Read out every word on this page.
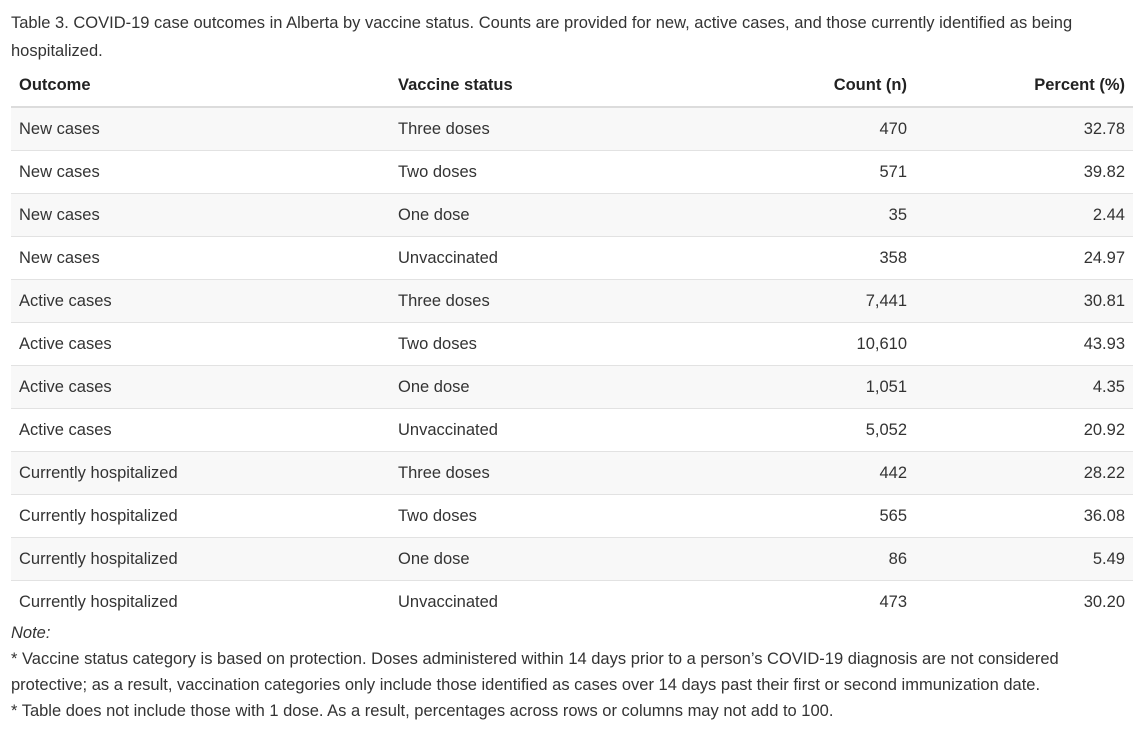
Table 3. COVID-19 case outcomes in Alberta by vaccine status. Counts are provided for new, active cases, and those currently identified as being hospitalized.
Outcome	Vaccine status	Count (n)	Percent (%)
New cases	Three doses	470	32.78
New cases	Two doses	571	39.82
New cases	One dose	35	2.44
New cases	Unvaccinated	358	24.97
Active cases	Three doses	7,441	30.81
Active cases	Two doses	10,610	43.93
Active cases	One dose	1,051	4.35
Active cases	Unvaccinated	5,052	20.92
Currently hospitalized	Three doses	442	28.22
Currently hospitalized	Two doses	565	36.08
Currently hospitalized	One dose	86	5.49
Currently hospitalized	Unvaccinated	473	30.20

Note:

* Vaccine status category is based on protection. Doses administered within 14 days prior to a person’s COVID-19 diagnosis are not considered protective; as a result, vaccination categories only include those identified as cases over 14 days past their first or second immunization date.

* Table does not include those with 1 dose. As a result, percentages across rows or columns may not add to 100.
